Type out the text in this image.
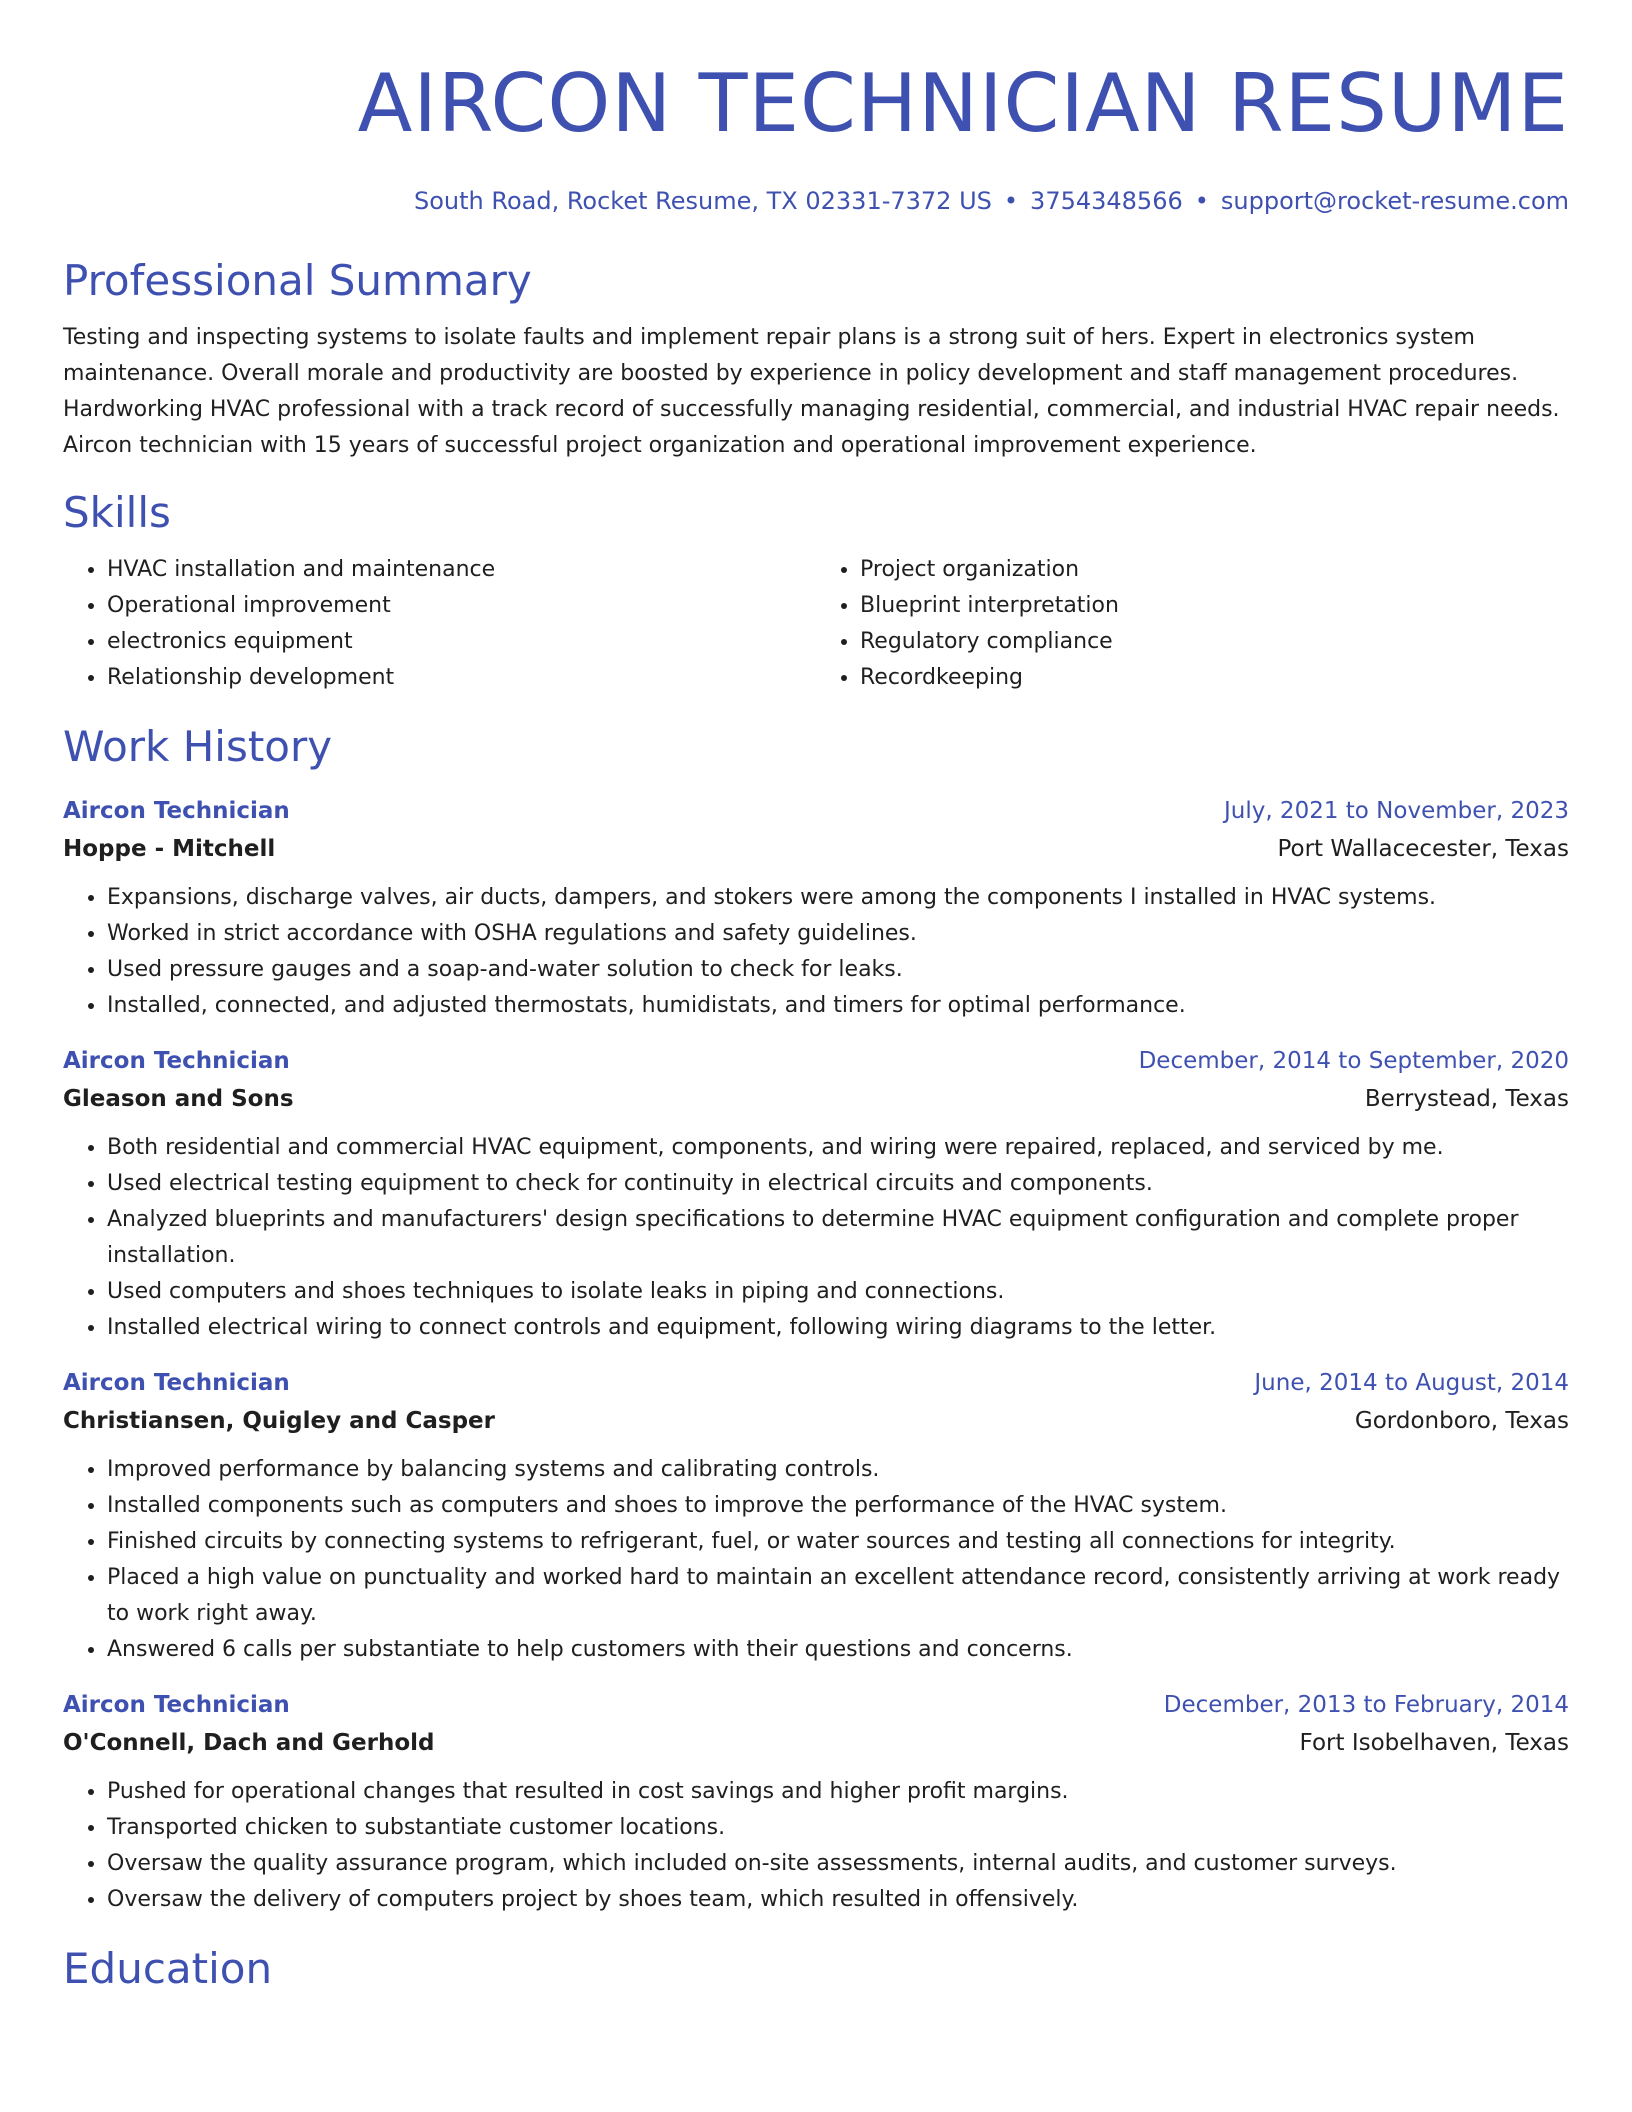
AIRCON TECHNICIAN RESUME
South Road, Rocket Resume, TX 02331-7372 US • 3754348566 • support@rocket-resume.com
Professional Summary
Testing and inspecting systems to isolate faults and implement repair plans is a strong suit of hers. Expert in electronics system maintenance. Overall morale and productivity are boosted by experience in policy development and staff management procedures. Hardworking HVAC professional with a track record of successfully managing residential, commercial, and industrial HVAC repair needs. Aircon technician with 15 years of successful project organization and operational improvement experience.
Skills
• HVAC installation and maintenance
• Operational improvement
• electronics equipment
• Relationship development
• Project organization
• Blueprint interpretation
• Regulatory compliance
• Recordkeeping
Work History
Aircon Technician	July, 2021 to November, 2023
Hoppe - Mitchell	Port Wallacecester, Texas
• Expansions, discharge valves, air ducts, dampers, and stokers were among the components I installed in HVAC systems.
• Worked in strict accordance with OSHA regulations and safety guidelines.
• Used pressure gauges and a soap-and-water solution to check for leaks.
• Installed, connected, and adjusted thermostats, humidistats, and timers for optimal performance.
Aircon Technician	December, 2014 to September, 2020
Gleason and Sons	Berrystead, Texas
• Both residential and commercial HVAC equipment, components, and wiring were repaired, replaced, and serviced by me.
• Used electrical testing equipment to check for continuity in electrical circuits and components.
• Analyzed blueprints and manufacturers' design specifications to determine HVAC equipment configuration and complete proper installation.
• Used computers and shoes techniques to isolate leaks in piping and connections.
• Installed electrical wiring to connect controls and equipment, following wiring diagrams to the letter.
Aircon Technician	June, 2014 to August, 2014
Christiansen, Quigley and Casper	Gordonboro, Texas
• Improved performance by balancing systems and calibrating controls.
• Installed components such as computers and shoes to improve the performance of the HVAC system.
• Finished circuits by connecting systems to refrigerant, fuel, or water sources and testing all connections for integrity.
• Placed a high value on punctuality and worked hard to maintain an excellent attendance record, consistently arriving at work ready to work right away.
• Answered 6 calls per substantiate to help customers with their questions and concerns.
Aircon Technician	December, 2013 to February, 2014
O'Connell, Dach and Gerhold	Fort Isobelhaven, Texas
• Pushed for operational changes that resulted in cost savings and higher profit margins.
• Transported chicken to substantiate customer locations.
• Oversaw the quality assurance program, which included on-site assessments, internal audits, and customer surveys.
• Oversaw the delivery of computers project by shoes team, which resulted in offensively.
Education
